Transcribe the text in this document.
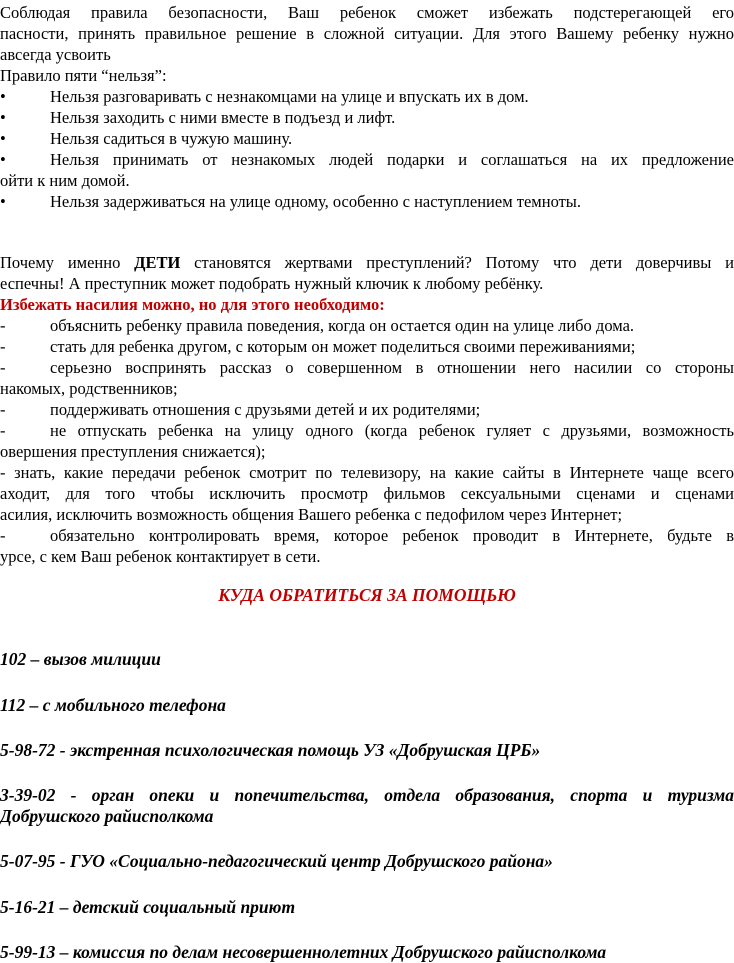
Соблюдая правила безопасности, Ваш ребенок сможет избежать подстерегающей его
пасности, принять правильное решение в сложной ситуации. Для этого Вашему ребенку нужно
авсегда усвоить
Правило пяти “нельзя”:
•	Нельзя разговаривать с незнакомцами на улице и впускать их в дом.
•	Нельзя заходить с ними вместе в подъезд и лифт.
•	Нельзя садиться в чужую машину.
•	Нельзя принимать от незнакомых людей подарки и соглашаться на их предложение
ойти к ним домой.
•	Нельзя задерживаться на улице одному, особенно с наступлением темноты.
Почему именно ДЕТИ становятся жертвами преступлений? Потому что дети доверчивы и
еспечны! А преступник может подобрать нужный ключик к любому ребёнку.
Избежать насилия можно, но для этого необходимо:
-	объяснить ребенку правила поведения, когда он остается один на улице либо дома.
-	стать для ребенка другом, с которым он может поделиться своими переживаниями;
-	серьезно воспринять рассказ о совершенном в отношении него насилии со стороны
накомых, родственников;
-	поддерживать отношения с друзьями детей и их родителями;
-	не отпускать ребенка на улицу одного (когда ребенок гуляет с друзьями, возможность
овершения преступления снижается);
- знать, какие передачи ребенок смотрит по телевизору, на какие сайты в Интернете чаще всего
аходит, для того чтобы исключить просмотр фильмов сексуальными сценами и сценами
асилия, исключить возможность общения Вашего ребенка с педофилом через Интернет;
-	обязательно контролировать время, которое ребенок проводит в Интернете, будьте в
урсе, с кем Ваш ребенок контактирует в сети.
КУДА ОБРАТИТЬСЯ ЗА ПОМОЩЬЮ
102 – вызов милиции
112 – с мобильного телефона
5-98-72 - экстренная психологическая помощь УЗ «Добрушская ЦРБ»
3-39-02 - орган опеки и попечительства, отдела образования, спорта и туризма
Добрушского райисполкома
5-07-95 - ГУО «Социально-педагогический центр Добрушского района»
5-16-21 – детский социальный приют
5-99-13 – комиссия по делам несовершеннолетних Добрушского райисполкома
